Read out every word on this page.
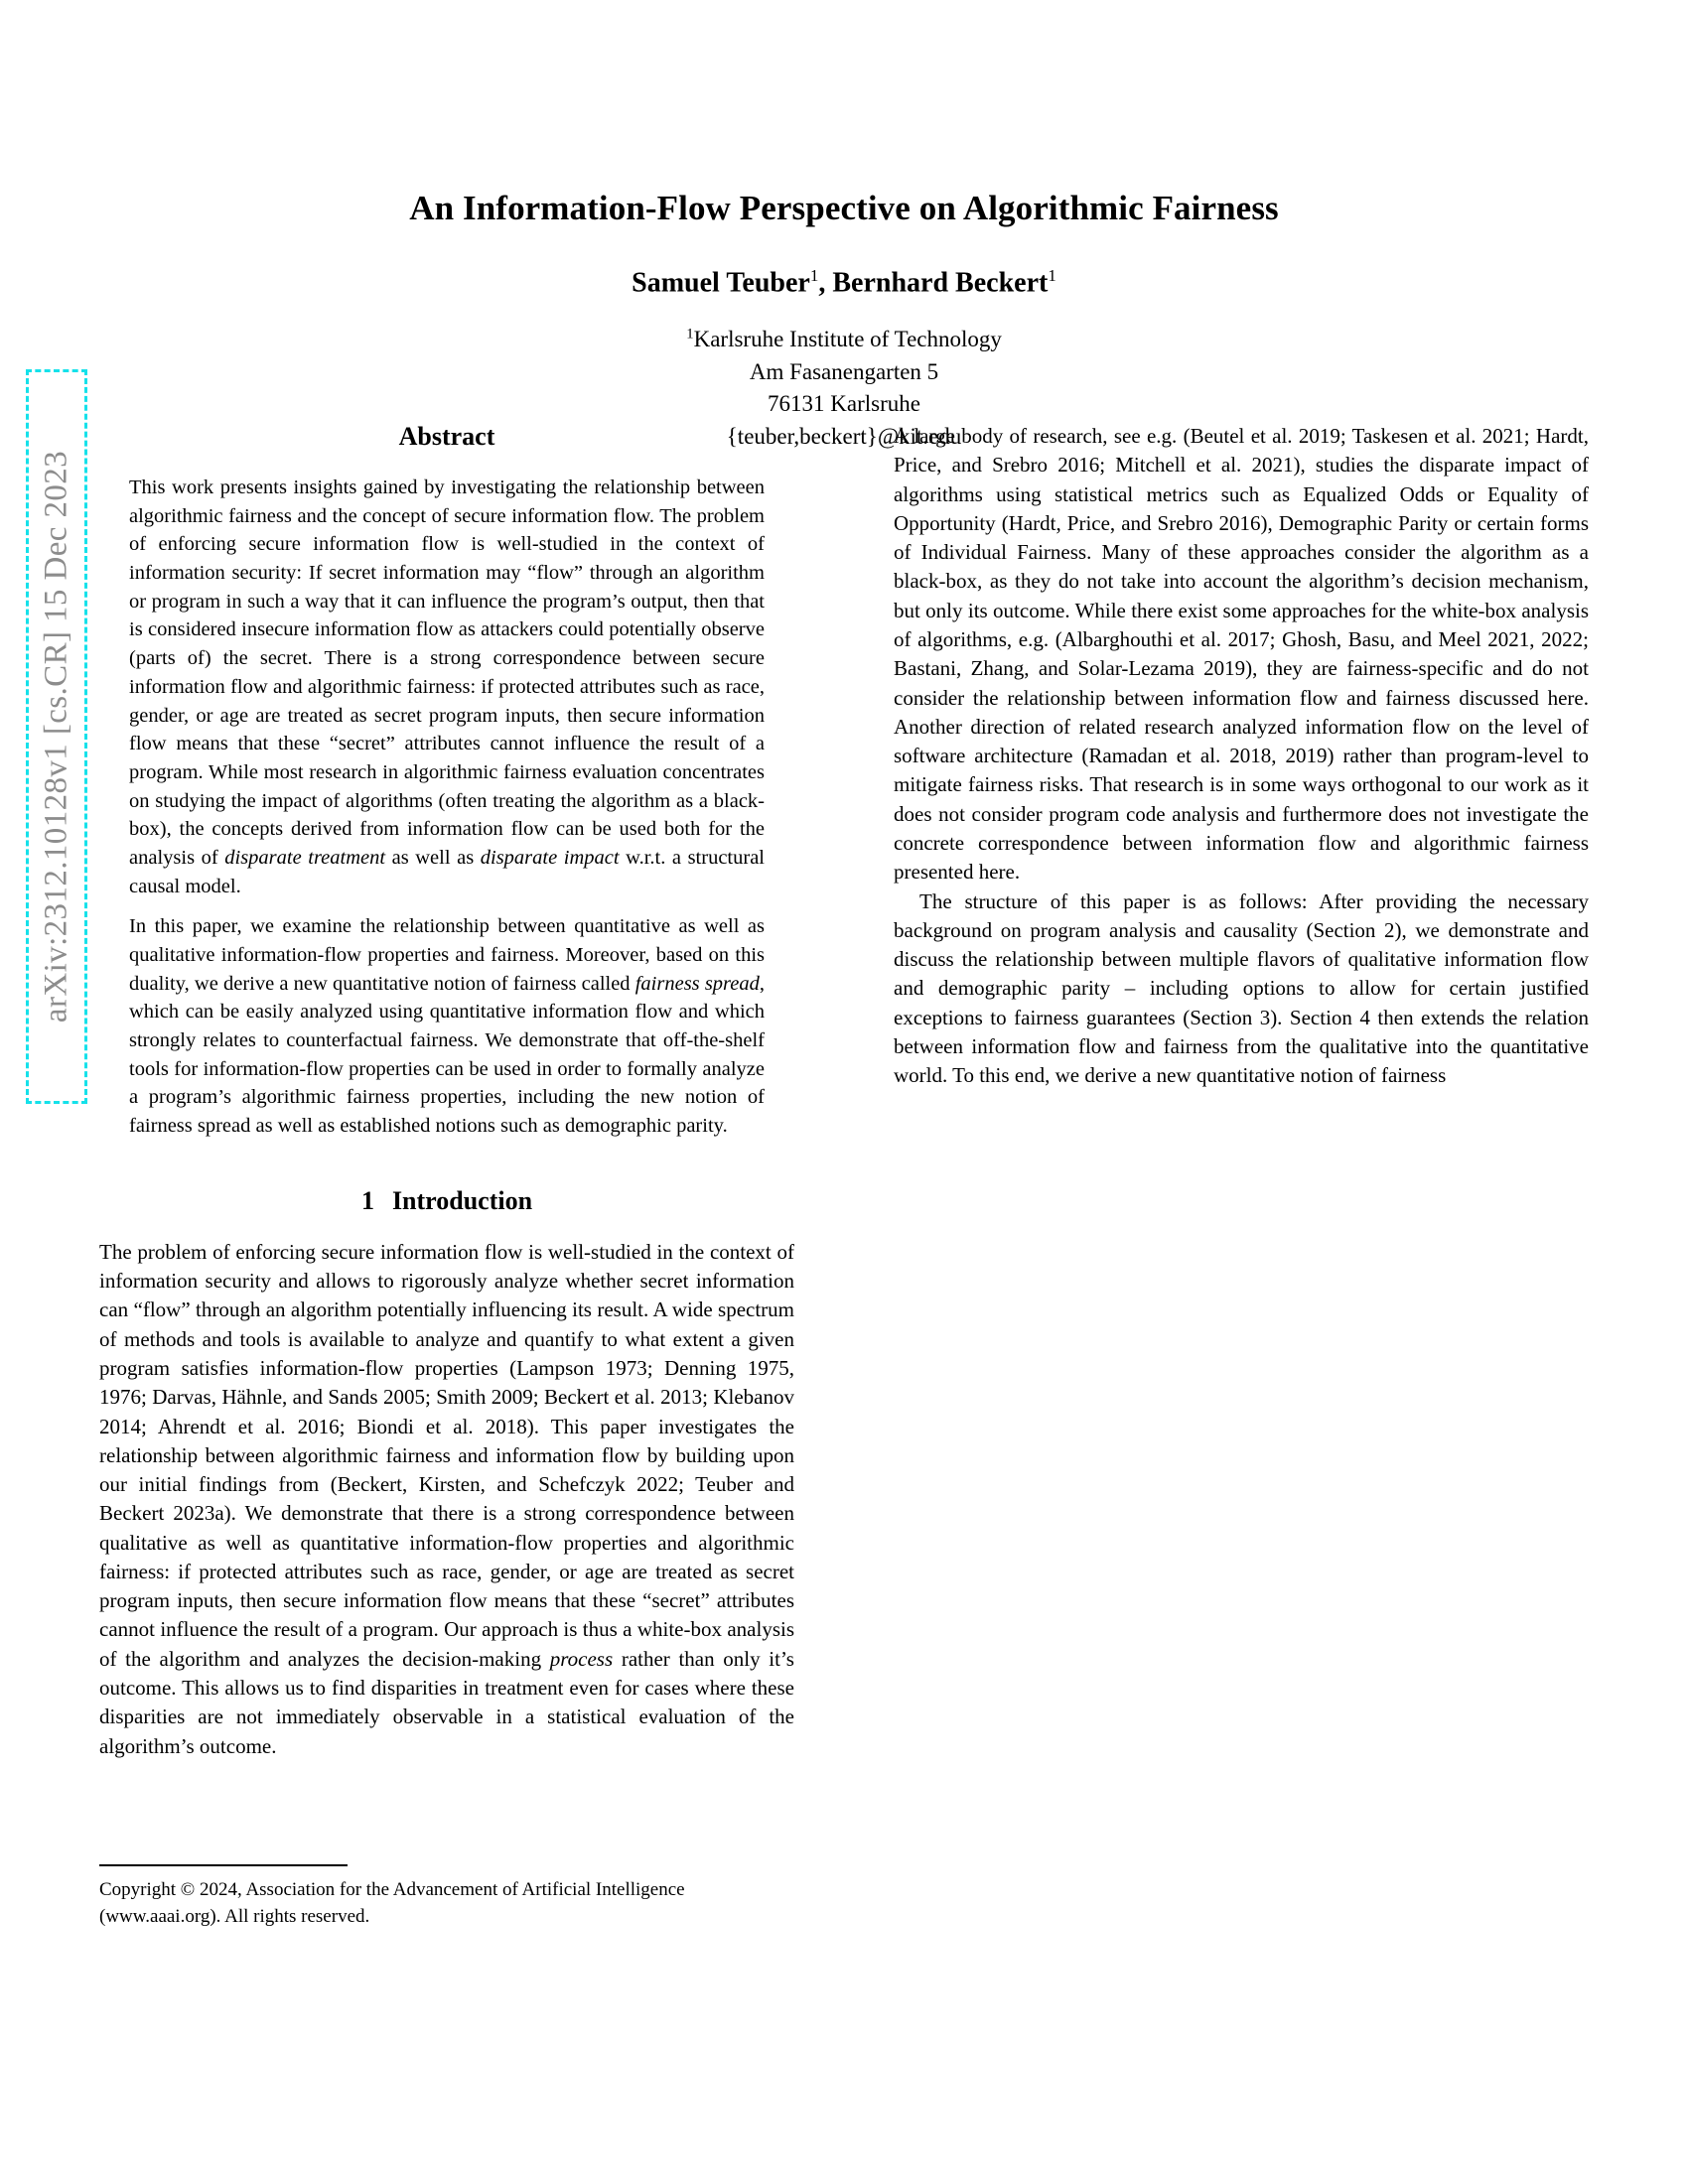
arXiv:2312.10128v1 [cs.CR] 15 Dec 2023
An Information-Flow Perspective on Algorithmic Fairness
Samuel Teuber$^1$, Bernhard Beckert$^1$
$^1$Karlsruhe Institute of Technology
Am Fasanengarten 5
76131 Karlsruhe
{teuber,beckert}@kit.edu
Abstract

This work presents insights gained by investigating the relationship between algorithmic fairness and the concept of secure information flow. The problem of enforcing secure information flow is well-studied in the context of information security: If secret information may “flow” through an algorithm or program in such a way that it can influence the program’s output, then that is considered insecure information flow as attackers could potentially observe (parts of) the secret. There is a strong correspondence between secure information flow and algorithmic fairness: if protected attributes such as race, gender, or age are treated as secret program inputs, then secure information flow means that these “secret” attributes cannot influence the result of a program. While most research in algorithmic fairness evaluation concentrates on studying the impact of algorithms (often treating the algorithm as a black-box), the concepts derived from information flow can be used both for the analysis of disparate treatment as well as disparate impact w.r.t. a structural causal model.

In this paper, we examine the relationship between quantitative as well as qualitative information-flow properties and fairness. Moreover, based on this duality, we derive a new quantitative notion of fairness called fairness spread, which can be easily analyzed using quantitative information flow and which strongly relates to counterfactual fairness. We demonstrate that off-the-shelf tools for information-flow properties can be used in order to formally analyze a program’s algorithmic fairness properties, including the new notion of fairness spread as well as established notions such as demographic parity.

1 Introduction

The problem of enforcing secure information flow is well-studied in the context of information security and allows to rigorously analyze whether secret information can “flow” through an algorithm potentially influencing its result. A wide spectrum of methods and tools is available to analyze and quantify to what extent a given program satisfies information-flow properties (Lampson 1973; Denning 1975, 1976; Darvas, Hähnle, and Sands 2005; Smith 2009; Beckert et al. 2013; Klebanov 2014; Ahrendt et al. 2016; Biondi et al. 2018). This paper investigates the relationship between algorithmic fairness and information flow by building upon our initial findings from (Beckert, Kirsten, and Schefczyk 2022; Teuber and Beckert 2023a). We demonstrate that there is a strong correspondence between qualitative as well as quantitative information-flow properties and algorithmic fairness: if protected attributes such as race, gender, or age are treated as secret program inputs, then secure information flow means that these “secret” attributes cannot influence the result of a program. Our approach is thus a white-box analysis of the algorithm and analyzes the decision-making process rather than only it’s outcome. This allows us to find disparities in treatment even for cases where these disparities are not immediately observable in a statistical evaluation of the algorithm’s outcome.

A large body of research, see e.g. (Beutel et al. 2019; Taskesen et al. 2021; Hardt, Price, and Srebro 2016; Mitchell et al. 2021), studies the disparate impact of algorithms using statistical metrics such as Equalized Odds or Equality of Opportunity (Hardt, Price, and Srebro 2016), Demographic Parity or certain forms of Individual Fairness. Many of these approaches consider the algorithm as a black-box, as they do not take into account the algorithm’s decision mechanism, but only its outcome. While there exist some approaches for the white-box analysis of algorithms, e.g. (Albarghouthi et al. 2017; Ghosh, Basu, and Meel 2021, 2022; Bastani, Zhang, and Solar-Lezama 2019), they are fairness-specific and do not consider the relationship between information flow and fairness discussed here. Another direction of related research analyzed information flow on the level of software architecture (Ramadan et al. 2018, 2019) rather than program-level to mitigate fairness risks. That research is in some ways orthogonal to our work as it does not consider program code analysis and furthermore does not investigate the concrete correspondence between information flow and algorithmic fairness presented here.

The structure of this paper is as follows: After providing the necessary background on program analysis and causality (Section 2), we demonstrate and discuss the relationship between multiple flavors of qualitative information flow and demographic parity – including options to allow for certain justified exceptions to fairness guarantees (Section 3). Section 4 then extends the relation between information flow and fairness from the qualitative into the quantitative world. To this end, we derive a new quantitative notion of fairness

Copyright © 2024, Association for the Advancement of Artificial Intelligence (www.aaai.org). All rights reserved.
